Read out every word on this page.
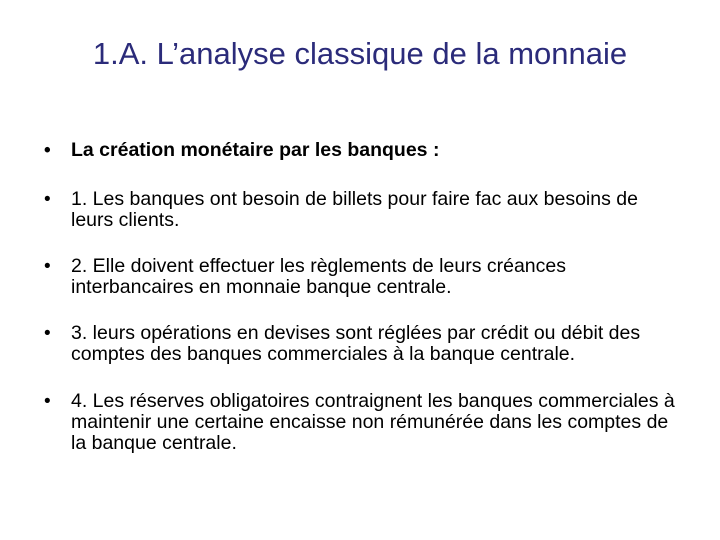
1.A. L’analyse classique de la monnaie
•	La création monétaire par les banques :
•	1. Les banques ont besoin de billets pour faire fac aux besoins de leurs clients.
•	2. Elle doivent effectuer les règlements de leurs créances interbancaires en monnaie banque centrale.
•	3. leurs opérations en devises sont réglées par crédit ou débit des comptes des banques commerciales à la banque centrale.
•	4. Les réserves obligatoires contraignent les banques commerciales à maintenir une certaine encaisse non rémunérée dans les comptes de la banque centrale.
